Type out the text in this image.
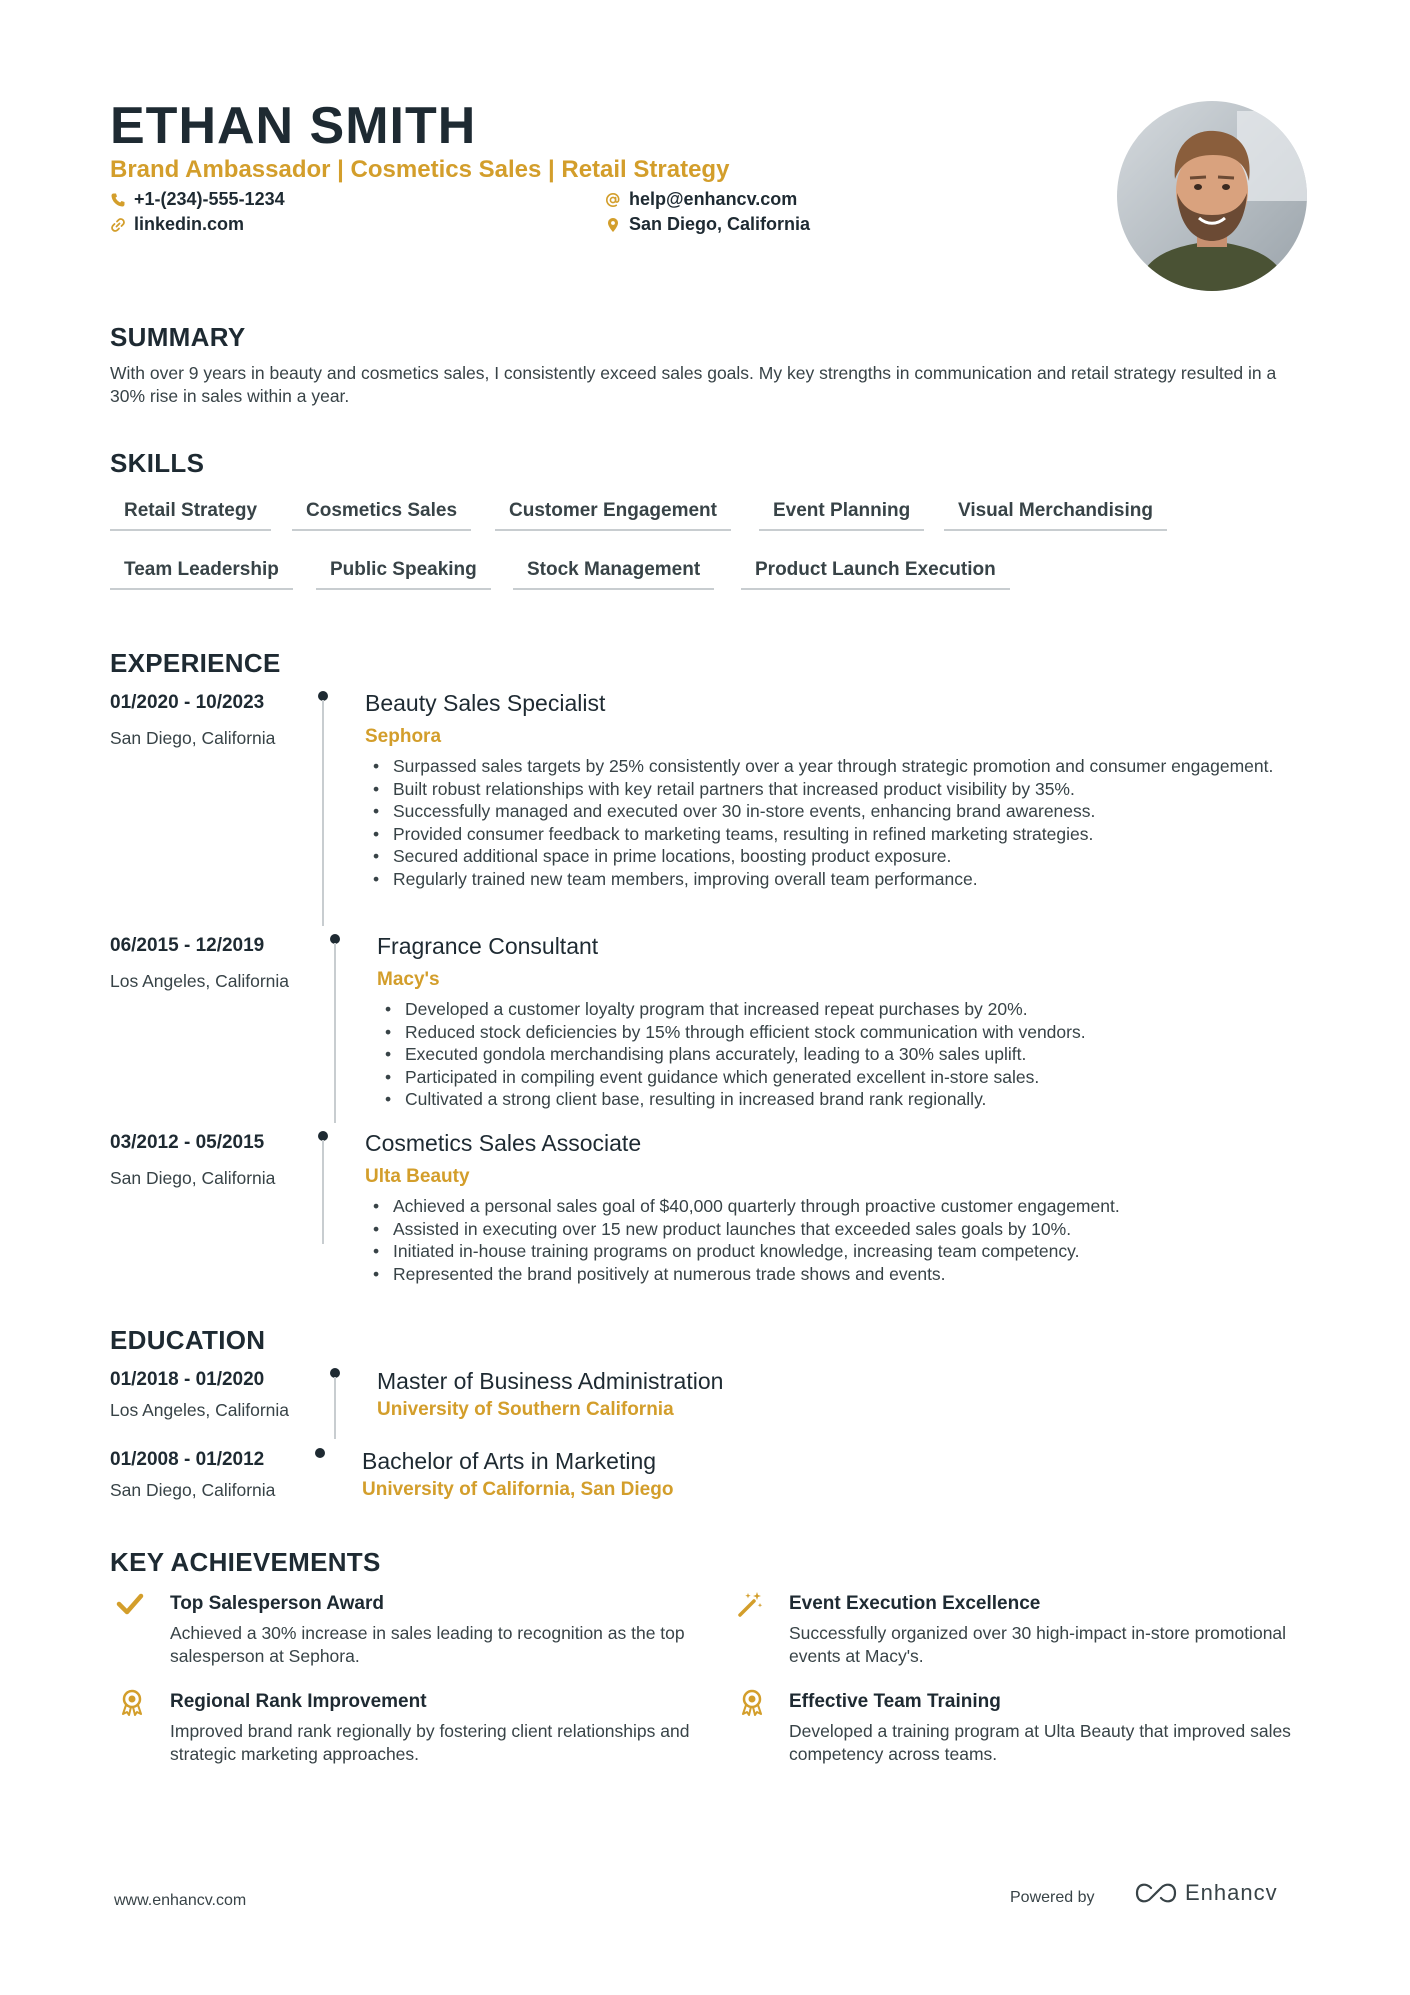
ETHAN SMITH
Brand Ambassador | Cosmetics Sales | Retail Strategy
+1-(234)-555-1234
linkedin.com
help@enhancv.com
San Diego, California
SUMMARY
With over 9 years in beauty and cosmetics sales, I consistently exceed sales goals. My key strengths in communication and retail strategy resulted in a 30% rise in sales within a year.
SKILLS
Retail Strategy	Cosmetics Sales	Customer Engagement	Event Planning	Visual Merchandising
Team Leadership	Public Speaking	Stock Management	Product Launch Execution
EXPERIENCE
01/2020 - 10/2023
San Diego, California
Beauty Sales Specialist
Sephora
• Surpassed sales targets by 25% consistently over a year through strategic promotion and consumer engagement.
• Built robust relationships with key retail partners that increased product visibility by 35%.
• Successfully managed and executed over 30 in-store events, enhancing brand awareness.
• Provided consumer feedback to marketing teams, resulting in refined marketing strategies.
• Secured additional space in prime locations, boosting product exposure.
• Regularly trained new team members, improving overall team performance.
06/2015 - 12/2019
Los Angeles, California
Fragrance Consultant
Macy's
• Developed a customer loyalty program that increased repeat purchases by 20%.
• Reduced stock deficiencies by 15% through efficient stock communication with vendors.
• Executed gondola merchandising plans accurately, leading to a 30% sales uplift.
• Participated in compiling event guidance which generated excellent in-store sales.
• Cultivated a strong client base, resulting in increased brand rank regionally.
03/2012 - 05/2015
San Diego, California
Cosmetics Sales Associate
Ulta Beauty
• Achieved a personal sales goal of $40,000 quarterly through proactive customer engagement.
• Assisted in executing over 15 new product launches that exceeded sales goals by 10%.
• Initiated in-house training programs on product knowledge, increasing team competency.
• Represented the brand positively at numerous trade shows and events.
EDUCATION
01/2018 - 01/2020
Los Angeles, California
Master of Business Administration
University of Southern California
01/2008 - 01/2012
San Diego, California
Bachelor of Arts in Marketing
University of California, San Diego
KEY ACHIEVEMENTS
Top Salesperson Award
Achieved a 30% increase in sales leading to recognition as the top salesperson at Sephora.
Event Execution Excellence
Successfully organized over 30 high-impact in-store promotional events at Macy's.
Regional Rank Improvement
Improved brand rank regionally by fostering client relationships and strategic marketing approaches.
Effective Team Training
Developed a training program at Ulta Beauty that improved sales competency across teams.
www.enhancv.com	Powered by	Enhancv
